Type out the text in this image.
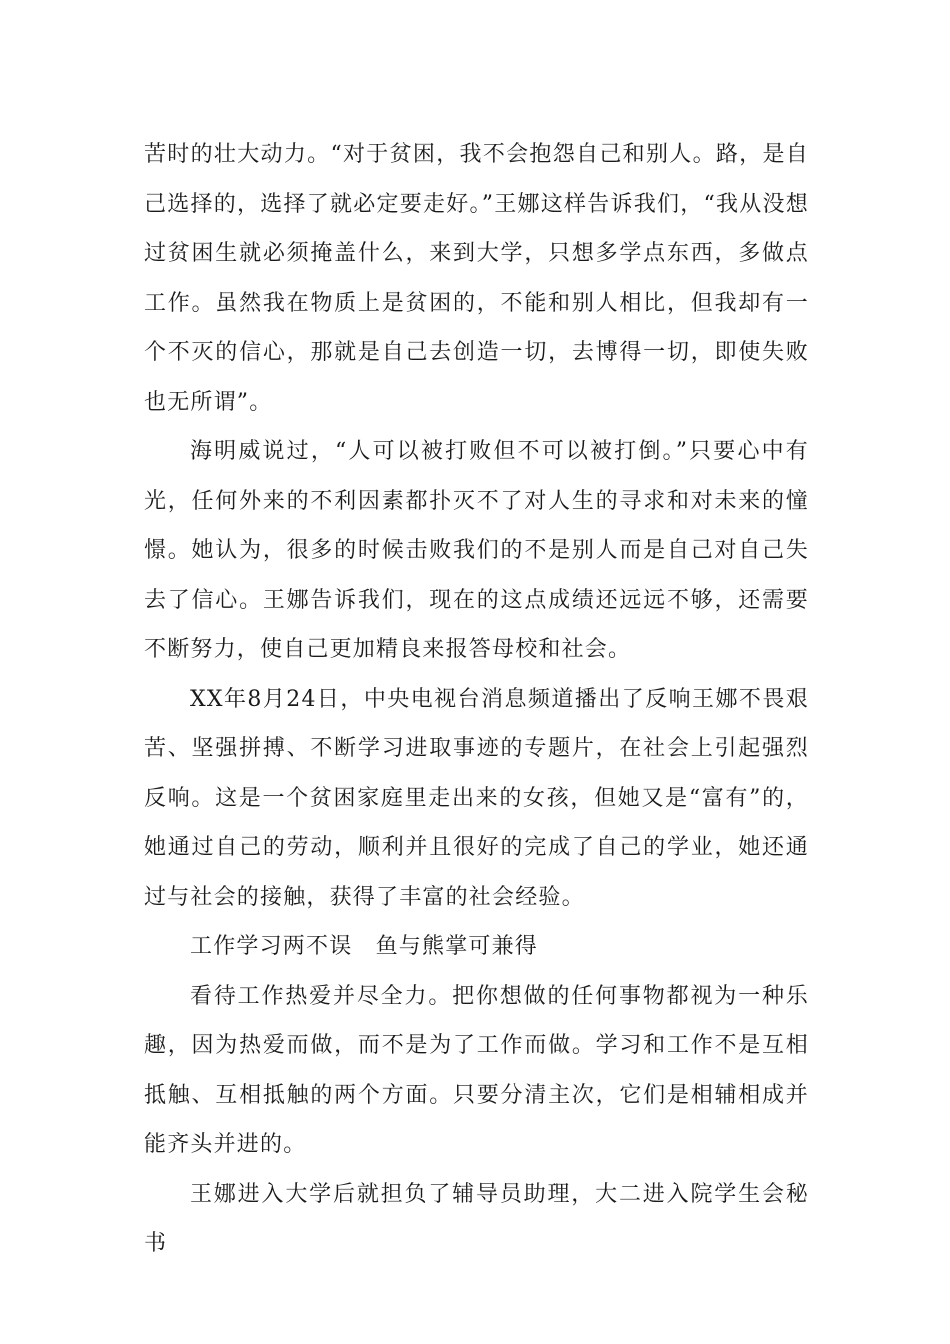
苦时的壮大动力。“对于贫困，我不会抱怨自己和别人。路，是自己选择的，选择了就必定要走好。”王娜这样告诉我们，“我从没想过贫困生就必须掩盖什么，来到大学，只想多学点东西，多做点工作。虽然我在物质上是贫困的，不能和别人相比，但我却有一个不灭的信心，那就是自己去创造一切，去博得一切，即使失败也无所谓”。

海明威说过，“人可以被打败但不可以被打倒。”只要心中有光，任何外来的不利因素都扑灭不了对人生的寻求和对未来的憧憬。她认为，很多的时候击败我们的不是别人而是自己对自己失去了信心。王娜告诉我们，现在的这点成绩还远远不够，还需要不断努力，使自己更加精良来报答母校和社会。

XX年8月24日，中央电视台消息频道播出了反响王娜不畏艰苦、坚强拼搏、不断学习进取事迹的专题片，在社会上引起强烈反响。这是一个贫困家庭里走出来的女孩，但她又是“富有”的，她通过自己的劳动，顺利并且很好的完成了自己的学业，她还通过与社会的接触，获得了丰富的社会经验。

工作学习两不误　鱼与熊掌可兼得

看待工作热爱并尽全力。把你想做的任何事物都视为一种乐趣，因为热爱而做，而不是为了工作而做。学习和工作不是互相抵触、互相抵触的两个方面。只要分清主次，它们是相辅相成并能齐头并进的。

王娜进入大学后就担负了辅导员助理，大二进入院学生会秘书
